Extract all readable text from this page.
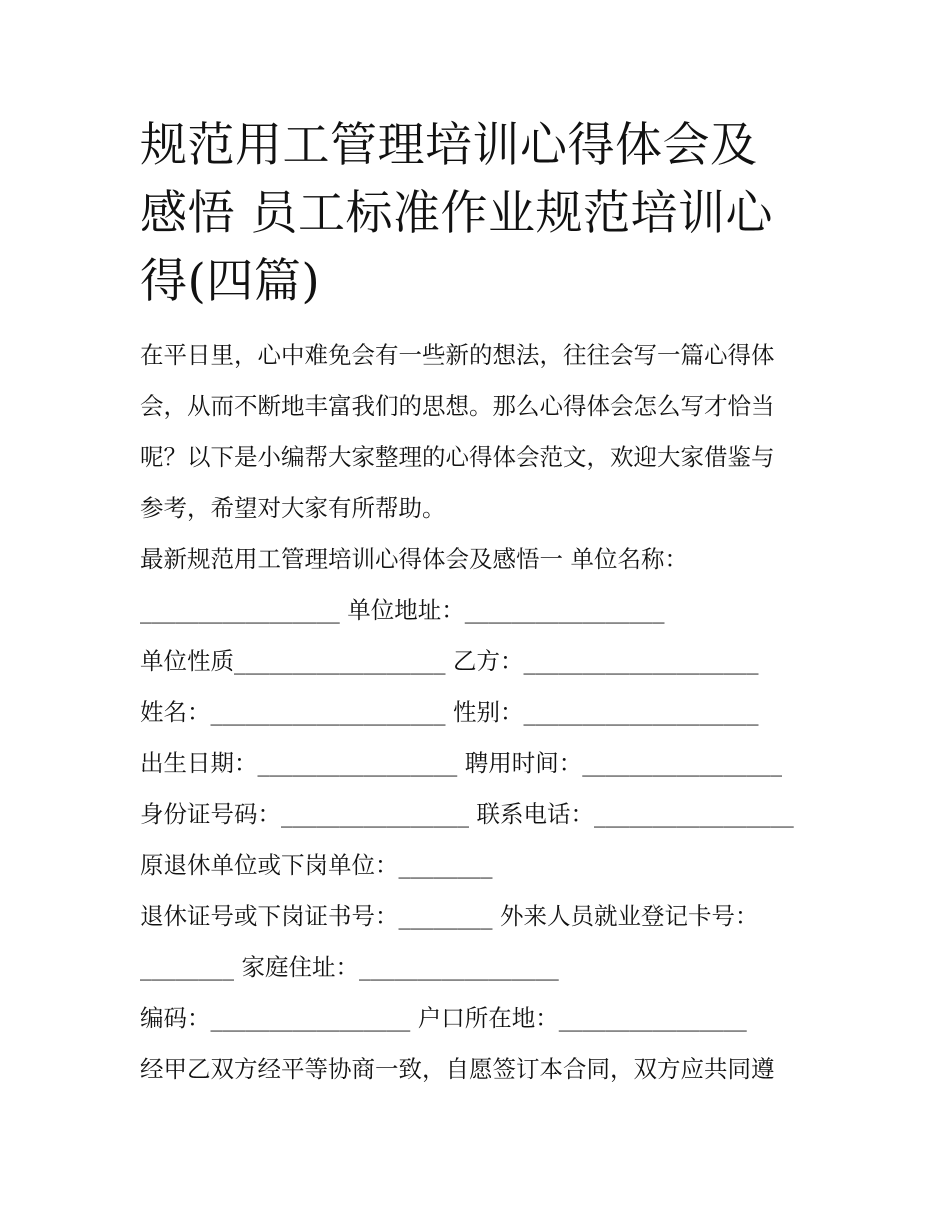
规范用工管理培训心得体会及
感悟 员工标准作业规范培训心
得(四篇)

在平日里，心中难免会有一些新的想法，往往会写一篇心得体

会，从而不断地丰富我们的思想。那么心得体会怎么写才恰当

呢？以下是小编帮大家整理的心得体会范文，欢迎大家借鉴与

参考，希望对大家有所帮助。

最新规范用工管理培训心得体会及感悟一 单位名称：
_________________ 单位地址：_________________
单位性质__________________ 乙方：____________________
姓名：____________________ 性别：____________________
出生日期：_________________ 聘用时间：_________________
身份证号码：________________ 联系电话：_________________
原退休单位或下岗单位：________
退休证号或下岗证书号：________ 外来人员就业登记卡号：
________ 家庭住址：_________________
编码：_________________ 户口所在地：________________

经甲乙双方经平等协商一致，自愿签订本合同，双方应共同遵
